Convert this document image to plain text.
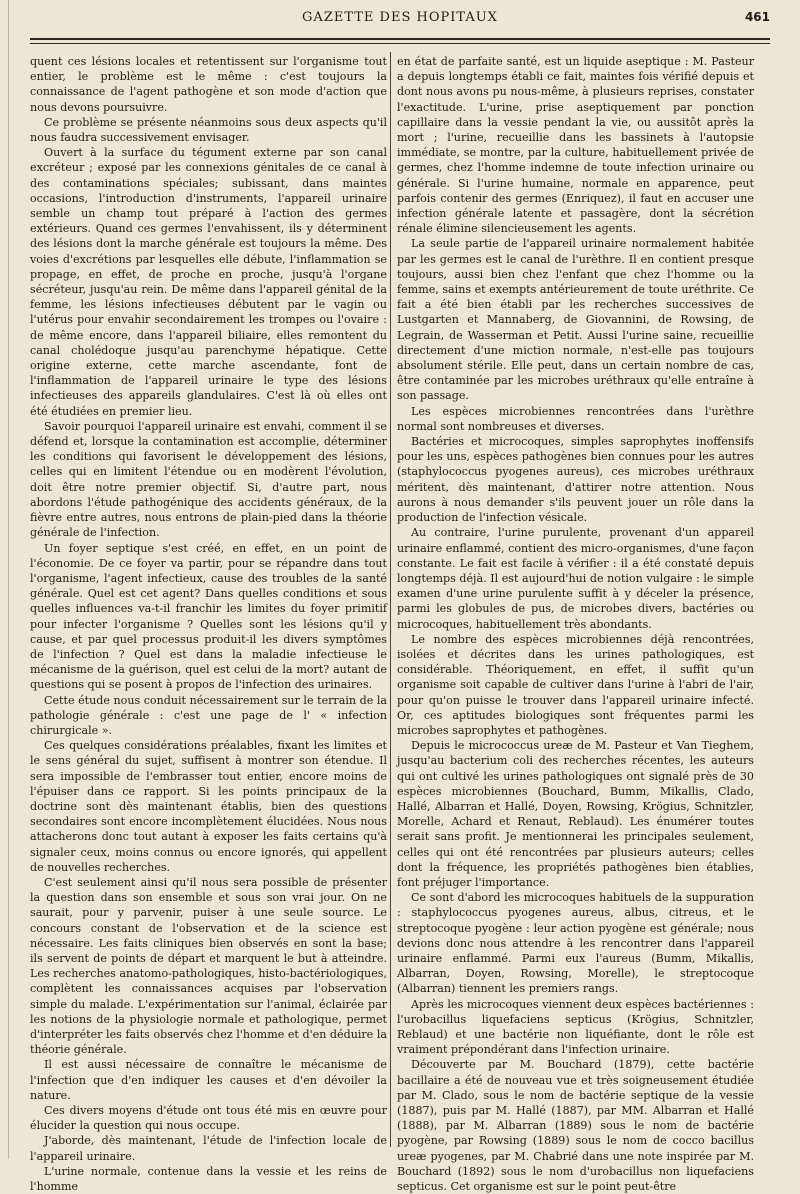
GAZETTE DES HOPITAUX	461

quent ces lésions locales et retentissent sur l'organisme tout entier, le problème est le même : c'est toujours la connaissance de l'agent pathogène et son mode d'action que nous devons poursuivre.

Ce problème se présente néanmoins sous deux aspects qu'il nous faudra successivement envisager.

Ouvert à la surface du tégument externe par son canal excréteur ; exposé par les connexions génitales de ce canal à des contaminations spéciales; subissant, dans maintes occasions, l'introduction d'instruments, l'appareil urinaire semble un champ tout préparé à l'action des germes extérieurs. Quand ces germes l'envahissent, ils y déterminent des lésions dont la marche générale est toujours la même. Des voies d'excrétions par lesquelles elle débute, l'inflammation se propage, en effet, de proche en proche, jusqu'à l'organe sécréteur, jusqu'au rein. De même dans l'appareil génital de la femme, les lésions infectieuses débutent par le vagin ou l'utérus pour envahir secondairement les trompes ou l'ovaire : de même encore, dans l'appareil biliaire, elles remontent du canal cholédoque jusqu'au parenchyme hépatique. Cette origine externe, cette marche ascendante, font de l'inflammation de l'appareil urinaire le type des lésions infectieuses des appareils glandulaires. C'est là où elles ont été étudiées en premier lieu.

Savoir pourquoi l'appareil urinaire est envahi, comment il se défend et, lorsque la contamination est accomplie, déterminer les conditions qui favorisent le développement des lésions, celles qui en limitent l'étendue ou en modèrent l'évolution, doit être notre premier objectif. Si, d'autre part, nous abordons l'étude pathogénique des accidents généraux, de la fièvre entre autres, nous entrons de plain-pied dans la théorie générale de l'infection.

Un foyer septique s'est créé, en effet, en un point de l'économie. De ce foyer va partir, pour se répandre dans tout l'organisme, l'agent infectieux, cause des troubles de la santé générale. Quel est cet agent? Dans quelles conditions et sous quelles influences va-t-il franchir les limites du foyer primitif pour infecter l'organisme ? Quelles sont les lésions qu'il y cause, et par quel processus produit-il les divers symptômes de l'infection ? Quel est dans la maladie infectieuse le mécanisme de la guérison, quel est celui de la mort? autant de questions qui se posent à propos de l'infection des urinaires.

Cette étude nous conduit nécessairement sur le terrain de la pathologie générale : c'est une page de l' « infection chirurgicale ».

Ces quelques considérations préalables, fixant les limites et le sens général du sujet, suffisent à montrer son étendue. Il sera impossible de l'embrasser tout entier, encore moins de l'épuiser dans ce rapport. Si les points principaux de la doctrine sont dès maintenant établis, bien des questions secondaires sont encore incomplètement élucidées. Nous nous attacherons donc tout autant à exposer les faits certains qu'à signaler ceux, moins connus ou encore ignorés, qui appellent de nouvelles recherches.

C'est seulement ainsi qu'il nous sera possible de présenter la question dans son ensemble et sous son vrai jour. On ne saurait, pour y parvenir, puiser à une seule source. Le concours constant de l'observation et de la science est nécessaire. Les faits cliniques bien observés en sont la base; ils servent de points de départ et marquent le but à atteindre. Les recherches anatomo-pathologiques, histo-bactériologiques, complètent les connaissances acquises par l'observation simple du malade. L'expérimentation sur l'animal, éclairée par les notions de la physiologie normale et pathologique, permet d'interpréter les faits observés chez l'homme et d'en déduire la théorie générale.

Il est aussi nécessaire de connaître le mécanisme de l'infection que d'en indiquer les causes et d'en dévoiler la nature.

Ces divers moyens d'étude ont tous été mis en œuvre pour élucider la question qui nous occupe.

J'aborde, dès maintenant, l'étude de l'infection locale de l'appareil urinaire.

L'urine normale, contenue dans la vessie et les reins de l'homme

en état de parfaite santé, est un liquide aseptique : M. Pasteur a depuis longtemps établi ce fait, maintes fois vérifié depuis et dont nous avons pu nous-même, à plusieurs reprises, constater l'exactitude. L'urine, prise aseptiquement par ponction capillaire dans la vessie pendant la vie, ou aussitôt après la mort ; l'urine, recueillie dans les bassinets à l'autopsie immédiate, se montre, par la culture, habituellement privée de germes, chez l'homme indemne de toute infection urinaire ou générale. Si l'urine humaine, normale en apparence, peut parfois contenir des germes (Enriquez), il faut en accuser une infection générale latente et passagère, dont la sécrétion rénale élimine silencieusement les agents.

La seule partie de l'appareil urinaire normalement habitée par les germes est le canal de l'urèthre. Il en contient presque toujours, aussi bien chez l'enfant que chez l'homme ou la femme, sains et exempts antérieurement de toute uréthrite. Ce fait a été bien établi par les recherches successives de Lustgarten et Mannaberg, de Giovannini, de Rowsing, de Legrain, de Wasserman et Petit. Aussi l'urine saine, recueillie directement d'une miction normale, n'est-elle pas toujours absolument stérile. Elle peut, dans un certain nombre de cas, être contaminée par les microbes uréthraux qu'elle entraîne à son passage.

Les espèces microbiennes rencontrées dans l'urèthre normal sont nombreuses et diverses.

Bactéries et microcoques, simples saprophytes inoffensifs pour les uns, espèces pathogènes bien connues pour les autres (staphylococcus pyogenes aureus), ces microbes uréthraux méritent, dès maintenant, d'attirer notre attention. Nous aurons à nous demander s'ils peuvent jouer un rôle dans la production de l'infection vésicale.

Au contraire, l'urine purulente, provenant d'un appareil urinaire enflammé, contient des micro-organismes, d'une façon constante. Le fait est facile à vérifier : il a été constaté depuis longtemps déjà. Il est aujourd'hui de notion vulgaire : le simple examen d'une urine purulente suffit à y déceler la présence, parmi les globules de pus, de microbes divers, bactéries ou microcoques, habituellement très abondants.

Le nombre des espèces microbiennes déjà rencontrées, isolées et décrites dans les urines pathologiques, est considérable. Théoriquement, en effet, il suffit qu'un organisme soit capable de cultiver dans l'urine à l'abri de l'air, pour qu'on puisse le trouver dans l'appareil urinaire infecté. Or, ces aptitudes biologiques sont fréquentes parmi les microbes saprophytes et pathogènes.

Depuis le micrococcus ureæ de M. Pasteur et Van Tieghem, jusqu'au bacterium coli des recherches récentes, les auteurs qui ont cultivé les urines pathologiques ont signalé près de 30 espèces microbiennes (Bouchard, Bumm, Mikallis, Clado, Hallé, Albarran et Hallé, Doyen, Rowsing, Krögius, Schnitzler, Morelle, Achard et Renaut, Reblaud). Les énumérer toutes serait sans profit. Je mentionnerai les principales seulement, celles qui ont été rencontrées par plusieurs auteurs; celles dont la fréquence, les propriétés pathogènes bien établies, font préjuger l'importance.

Ce sont d'abord les microcoques habituels de la suppuration : staphylococcus pyogenes aureus, albus, citreus, et le streptocoque pyogène : leur action pyogène est générale; nous devions donc nous attendre à les rencontrer dans l'appareil urinaire enflammé. Parmi eux l'aureus (Bumm, Mikallis, Albarran, Doyen, Rowsing, Morelle), le streptocoque (Albarran) tiennent les premiers rangs.

Après les microcoques viennent deux espèces bactériennes : l'urobacillus liquefaciens septicus (Krögius, Schnitzler, Reblaud) et une bactérie non liquéfiante, dont le rôle est vraiment prépondérant dans l'infection urinaire.

Découverte par M. Bouchard (1879), cette bactérie bacillaire a été de nouveau vue et très soigneusement étudiée par M. Clado, sous le nom de bactérie septique de la vessie (1887), puis par M. Hallé (1887), par MM. Albarran et Hallé (1888), par M. Albarran (1889) sous le nom de bactérie pyogène, par Rowsing (1889) sous le nom de cocco bacillus ureæ pyogenes, par M. Chabrié dans une note inspirée par M. Bouchard (1892) sous le nom d'urobacillus non liquefaciens septicus. Cet organisme est sur le point peut-être
